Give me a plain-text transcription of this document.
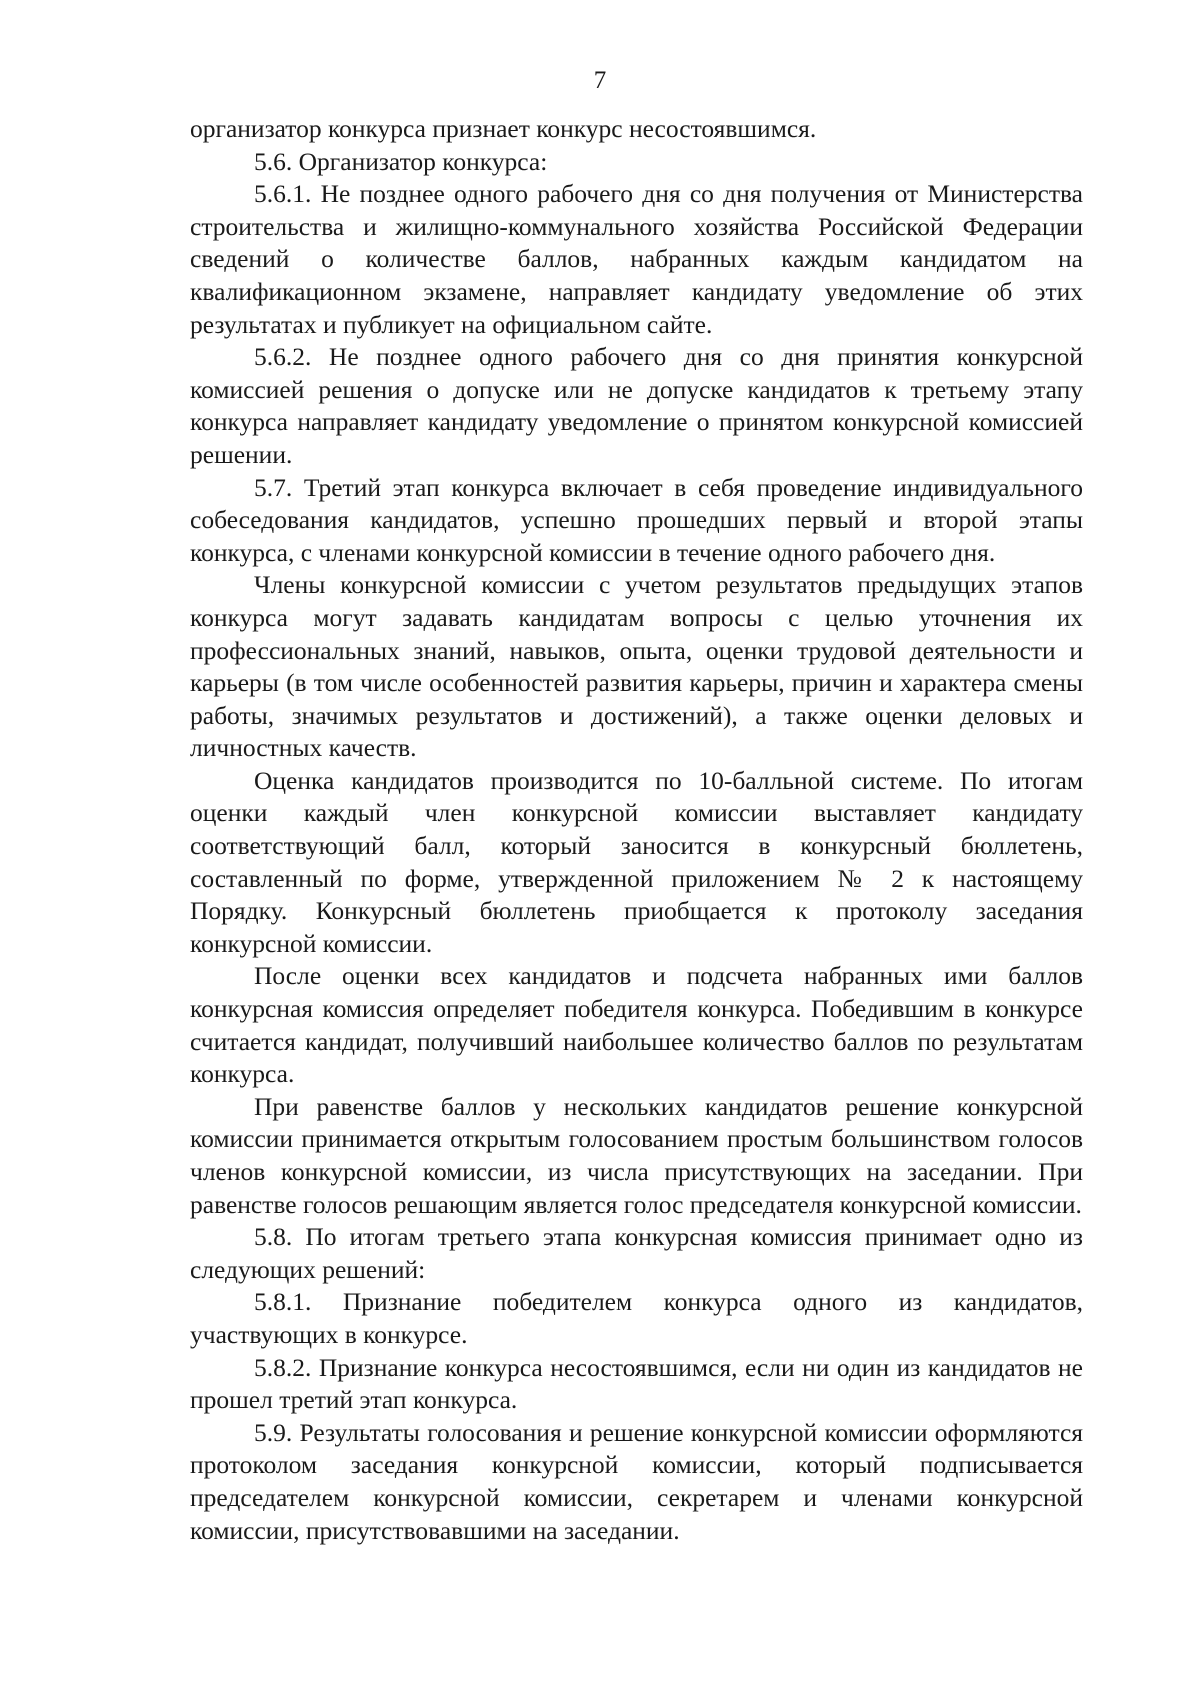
7

организатор конкурса признает конкурс несостоявшимся.

5.6. Организатор конкурса:

5.6.1. Не позднее одного рабочего дня со дня получения от Министерства строительства и жилищно-коммунального хозяйства Российской Федерации сведений о количестве баллов, набранных каждым кандидатом на квалификационном экзамене, направляет кандидату уведомление об этих результатах и публикует на официальном сайте.

5.6.2. Не позднее одного рабочего дня со дня принятия конкурсной комиссией решения о допуске или не допуске кандидатов к третьему этапу конкурса направляет кандидату уведомление о принятом конкурсной комиссией решении.

5.7. Третий этап конкурса включает в себя проведение индивидуального собеседования кандидатов, успешно прошедших первый и второй этапы конкурса, с членами конкурсной комиссии в течение одного рабочего дня.

Члены конкурсной комиссии с учетом результатов предыдущих этапов конкурса могут задавать кандидатам вопросы с целью уточнения их профессиональных знаний, навыков, опыта, оценки трудовой деятельности и карьеры (в том числе особенностей развития карьеры, причин и характера смены работы, значимых результатов и достижений), а также оценки деловых и личностных качеств.

Оценка кандидатов производится по 10-балльной системе. По итогам оценки каждый член конкурсной комиссии выставляет кандидату соответствующий балл, который заносится в конкурсный бюллетень, составленный по форме, утвержденной приложением № 2 к настоящему Порядку. Конкурсный бюллетень приобщается к протоколу заседания конкурсной комиссии.

После оценки всех кандидатов и подсчета набранных ими баллов конкурсная комиссия определяет победителя конкурса. Победившим в конкурсе считается кандидат, получивший наибольшее количество баллов по результатам конкурса.

При равенстве баллов у нескольких кандидатов решение конкурсной комиссии принимается открытым голосованием простым большинством голосов членов конкурсной комиссии, из числа присутствующих на заседании. При равенстве голосов решающим является голос председателя конкурсной комиссии.

5.8. По итогам третьего этапа конкурсная комиссия принимает одно из следующих решений:

5.8.1. Признание победителем конкурса одного из кандидатов, участвующих в конкурсе.

5.8.2. Признание конкурса несостоявшимся, если ни один из кандидатов не прошел третий этап конкурса.

5.9. Результаты голосования и решение конкурсной комиссии оформляются протоколом заседания конкурсной комиссии, который подписывается председателем конкурсной комиссии, секретарем и членами конкурсной комиссии, присутствовавшими на заседании.
